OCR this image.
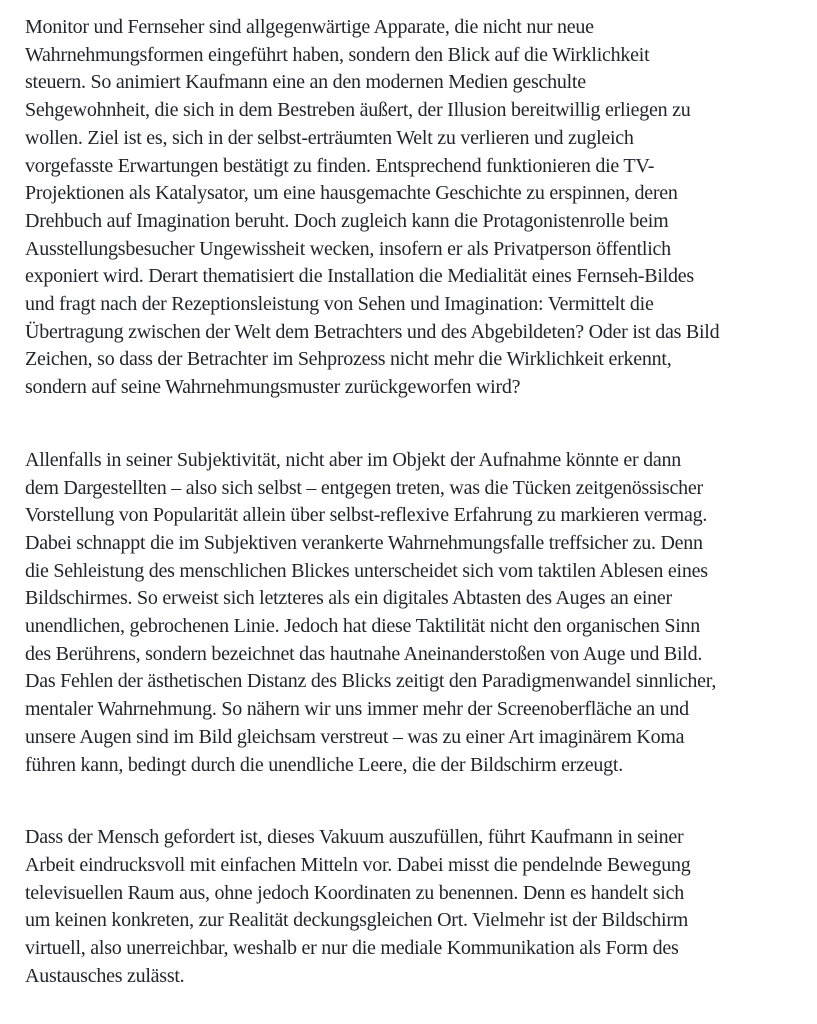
Monitor und Fernseher sind allgegenwärtige Apparate, die nicht nur neue
Wahrnehmungsformen eingeführt haben, sondern den Blick auf die Wirklichkeit
steuern. So animiert Kaufmann eine an den modernen Medien geschulte
Sehgewohnheit, die sich in dem Bestreben äußert, der Illusion bereitwillig erliegen zu
wollen. Ziel ist es, sich in der selbst-erträumten Welt zu verlieren und zugleich
vorgefasste Erwartungen bestätigt zu finden. Entsprechend funktionieren die TV-
Projektionen als Katalysator, um eine hausgemachte Geschichte zu erspinnen, deren
Drehbuch auf Imagination beruht. Doch zugleich kann die Protagonistenrolle beim
Ausstellungsbesucher Ungewissheit wecken, insofern er als Privatperson öffentlich
exponiert wird. Derart thematisiert die Installation die Medialität eines Fernseh-Bildes
und fragt nach der Rezeptionsleistung von Sehen und Imagination: Vermittelt die
Übertragung zwischen der Welt dem Betrachters und des Abgebildeten? Oder ist das Bild
Zeichen, so dass der Betrachter im Sehprozess nicht mehr die Wirklichkeit erkennt,
sondern auf seine Wahrnehmungsmuster zurückgeworfen wird?

Allenfalls in seiner Subjektivität, nicht aber im Objekt der Aufnahme könnte er dann
dem Dargestellten – also sich selbst – entgegen treten, was die Tücken zeitgenössischer
Vorstellung von Popularität allein über selbst-reflexive Erfahrung zu markieren vermag.
Dabei schnappt die im Subjektiven verankerte Wahrnehmungsfalle treffsicher zu. Denn
die Sehleistung des menschlichen Blickes unterscheidet sich vom taktilen Ablesen eines
Bildschirmes. So erweist sich letzteres als ein digitales Abtasten des Auges an einer
unendlichen, gebrochenen Linie. Jedoch hat diese Taktilität nicht den organischen Sinn
des Berührens, sondern bezeichnet das hautnahe Aneinanderstoßen von Auge und Bild.
Das Fehlen der ästhetischen Distanz des Blicks zeitigt den Paradigmenwandel sinnlicher,
mentaler Wahrnehmung. So nähern wir uns immer mehr der Screenoberfläche an und
unsere Augen sind im Bild gleichsam verstreut – was zu einer Art imaginärem Koma
führen kann, bedingt durch die unendliche Leere, die der Bildschirm erzeugt.

Dass der Mensch gefordert ist, dieses Vakuum auszufüllen, führt Kaufmann in seiner
Arbeit eindrucksvoll mit einfachen Mitteln vor. Dabei misst die pendelnde Bewegung
televisuellen Raum aus, ohne jedoch Koordinaten zu benennen. Denn es handelt sich
um keinen konkreten, zur Realität deckungsgleichen Ort. Vielmehr ist der Bildschirm
virtuell, also unerreichbar, weshalb er nur die mediale Kommunikation als Form des
Austausches zulässt.
